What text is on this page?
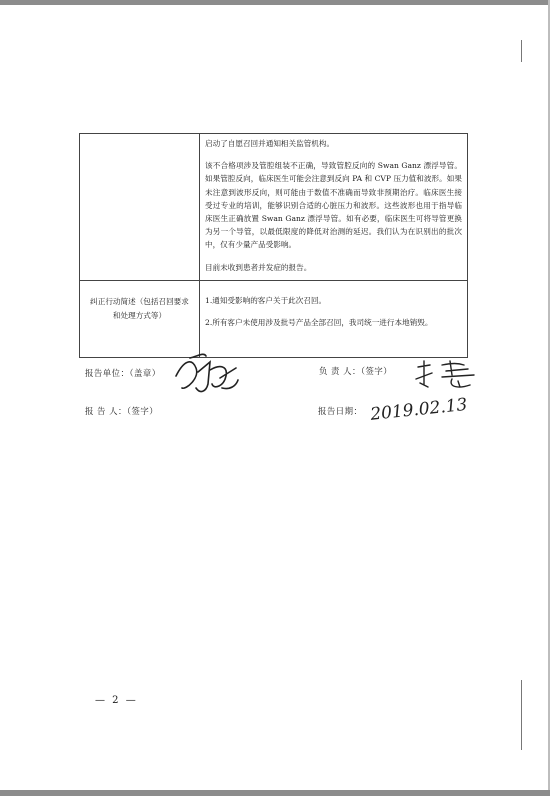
	启动了自愿召回并通知相关监管机构。

该不合格项涉及管腔组装不正确，导致管腔反向的 Swan Ganz 漂浮导管。如果管腔反向，临床医生可能会注意到反向 PA 和 CVP 压力值和波形。如果未注意到波形反向，则可能由于数值不准确而导致非预期治疗。临床医生接受过专业的培训，能够识别合适的心脏压力和波形。这些波形也用于指导临床医生正确放置 Swan Ganz 漂浮导管。如有必要，临床医生可将导管更换为另一个导管，以最低限度的降低对治测的延迟。我们认为在识别出的批次中，仅有少量产品受影响。

目前未收到患者并发症的报告。

纠正行动简述（包括召回要求和处理方式等）	1.通知受影响的客户关于此次召回。

2.所有客户未使用涉及批号产品全部召回，我司统一进行本地销毁。

报告单位：（盖章）	负 责 人：（签字）
报 告 人：（签字）	报告日期： 2019.02.13
— 2 —
